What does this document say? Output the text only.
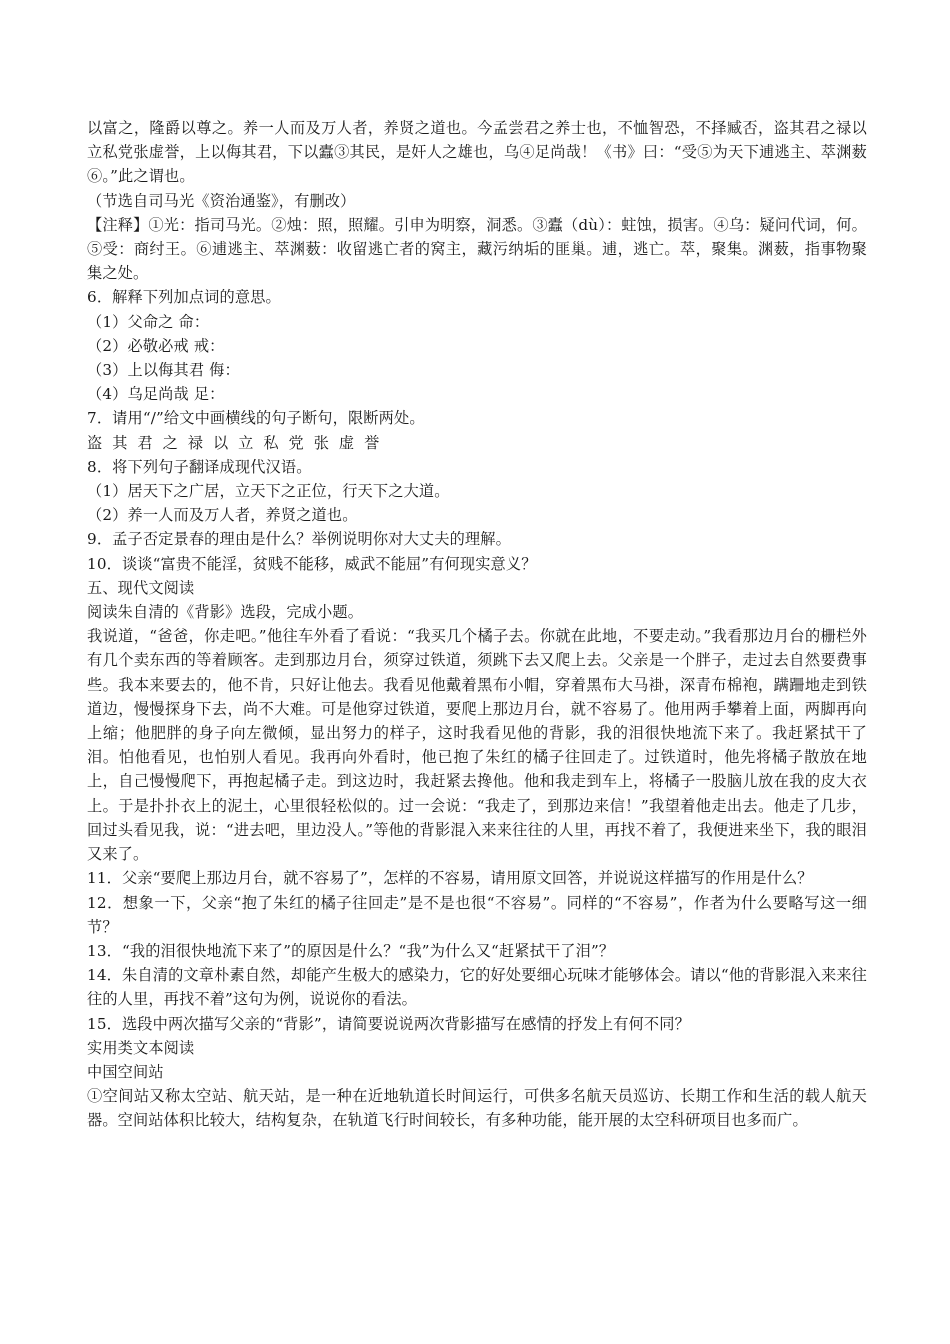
以富之，隆爵以尊之。养一人而及万人者，养贤之道也。今孟尝君之养士也，不恤智恐，不择臧否，盗其君之禄以立私党张虚誉，上以侮其君，下以蠹③其民，是奸人之雄也，乌④足尚哉！《书》曰：“受⑤为天下逋逃主、萃渊薮⑥。”此之谓也。

（节选自司马光《资治通鉴》，有删改）

【注释】①光：指司马光。②烛：照，照耀。引申为明察，洞悉。③蠹（dù）：蛀蚀，损害。④乌：疑问代词，何。⑤受：商纣王。⑥逋逃主、萃渊薮：收留逃亡者的窝主，藏污纳垢的匪巢。逋，逃亡。萃，聚集。渊薮，指事物聚集之处。

6．解释下列加点词的意思。

（1）父命之 命：

（2）必敬必戒 戒：

（3）上以侮其君 侮：

（4）乌足尚哉 足：

7．请用“/”给文中画横线的句子断句，限断两处。

盗其君之禄以立私党张虚誉

8．将下列句子翻译成现代汉语。

（1）居天下之广居，立天下之正位，行天下之大道。

（2）养一人而及万人者，养贤之道也。

9．孟子否定景春的理由是什么？举例说明你对大丈夫的理解。

10．谈谈“富贵不能淫，贫贱不能移，威武不能屈”有何现实意义？

五、现代文阅读

阅读朱自清的《背影》选段，完成小题。

我说道，“爸爸，你走吧。”他往车外看了看说：“我买几个橘子去。你就在此地，不要走动。”我看那边月台的栅栏外有几个卖东西的等着顾客。走到那边月台，须穿过铁道，须跳下去又爬上去。父亲是一个胖子，走过去自然要费事些。我本来要去的，他不肯，只好让他去。我看见他戴着黑布小帽，穿着黑布大马褂，深青布棉袍，蹒跚地走到铁道边，慢慢探身下去，尚不大难。可是他穿过铁道，要爬上那边月台，就不容易了。他用两手攀着上面，两脚再向上缩；他肥胖的身子向左微倾，显出努力的样子，这时我看见他的背影，我的泪很快地流下来了。我赶紧拭干了泪。怕他看见，也怕别人看见。我再向外看时，他已抱了朱红的橘子往回走了。过铁道时，他先将橘子散放在地上，自己慢慢爬下，再抱起橘子走。到这边时，我赶紧去搀他。他和我走到车上，将橘子一股脑儿放在我的皮大衣上。于是扑扑衣上的泥土，心里很轻松似的。过一会说：“我走了，到那边来信！”我望着他走出去。他走了几步，回过头看见我，说：“进去吧，里边没人。”等他的背影混入来来往往的人里，再找不着了，我便进来坐下，我的眼泪又来了。

11．父亲“要爬上那边月台，就不容易了”，怎样的不容易，请用原文回答，并说说这样描写的作用是什么？

12．想象一下，父亲“抱了朱红的橘子往回走”是不是也很“不容易”。同样的“不容易”，作者为什么要略写这一细节？

13．“我的泪很快地流下来了”的原因是什么？“我”为什么又“赶紧拭干了泪”？

14．朱自清的文章朴素自然，却能产生极大的感染力，它的好处要细心玩味才能够体会。请以“他的背影混入来来往往的人里，再找不着”这句为例，说说你的看法。

15．选段中两次描写父亲的“背影”，请简要说说两次背影描写在感情的抒发上有何不同？

实用类文本阅读

中国空间站

①空间站又称太空站、航天站，是一种在近地轨道长时间运行，可供多名航天员巡访、长期工作和生活的载人航天器。空间站体积比较大，结构复杂，在轨道飞行时间较长，有多种功能，能开展的太空科研项目也多而广。
